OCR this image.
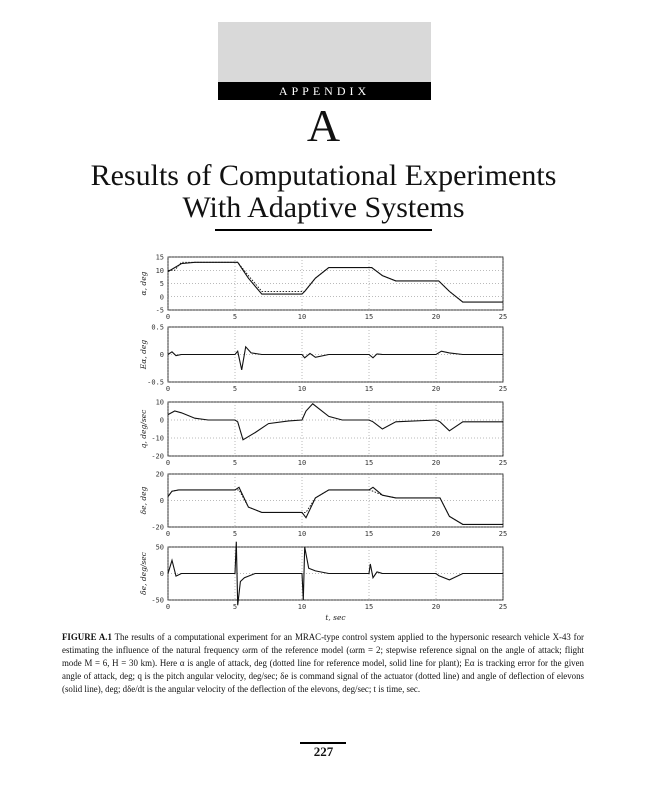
APPENDIX
A
Results of Computational Experiments
With Adaptive Systems
0	5	10	15	20	25
15
10
5
0
-5
α, deg
0	5	10	15	20	25
0.5
0
-0.5
Eα, deg
0	5	10	15	20	25
10
0
-10
-20
q, deg/sec
0	5	10	15	20	25
20
0
-20
δe, deg
0	5	10	15	20	25
50
0
-50
δ̇e, deg/sec
t, sec
FIGURE A.1 The results of a computational experiment for an MRAC-type control system applied to the hypersonic research vehicle X-43 for estimating the influence of the natural frequency ωrm of the reference model (ωrm = 2; stepwise reference signal on the angle of attack; flight mode M = 6, H = 30 km). Here α is angle of attack, deg (dotted line for reference model, solid line for plant); Eα is tracking error for the given angle of attack, deg; q is the pitch angular velocity, deg/sec; δe is command signal of the actuator (dotted line) and angle of deflection of elevons (solid line), deg; dδe/dt is the angular velocity of the deflection of the elevons, deg/sec; t is time, sec.
227
